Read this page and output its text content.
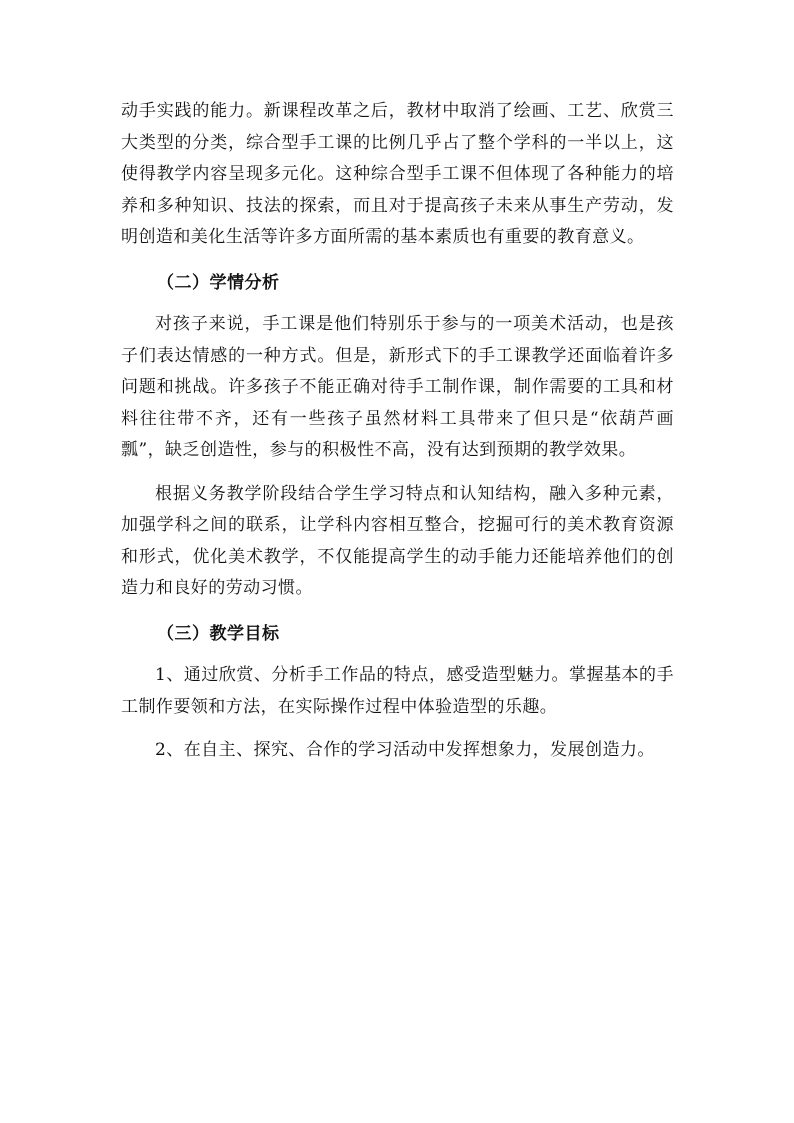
动手实践的能力。新课程改革之后，教材中取消了绘画、工艺、欣赏三大类型的分类，综合型手工课的比例几乎占了整个学科的一半以上，这使得教学内容呈现多元化。这种综合型手工课不但体现了各种能力的培养和多种知识、技法的探索，而且对于提高孩子未来从事生产劳动，发明创造和美化生活等许多方面所需的基本素质也有重要的教育意义。

（二）学情分析

对孩子来说，手工课是他们特别乐于参与的一项美术活动，也是孩子们表达情感的一种方式。但是，新形式下的手工课教学还面临着许多问题和挑战。许多孩子不能正确对待手工制作课，制作需要的工具和材料往往带不齐，还有一些孩子虽然材料工具带来了但只是“依葫芦画瓢”，缺乏创造性，参与的积极性不高，没有达到预期的教学效果。

根据义务教学阶段结合学生学习特点和认知结构，融入多种元素，加强学科之间的联系，让学科内容相互整合，挖掘可行的美术教育资源和形式，优化美术教学，不仅能提高学生的动手能力还能培养他们的创造力和良好的劳动习惯。

（三）教学目标

1、通过欣赏、分析手工作品的特点，感受造型魅力。掌握基本的手工制作要领和方法，在实际操作过程中体验造型的乐趣。

2、在自主、探究、合作的学习活动中发挥想象力，发展创造力。
